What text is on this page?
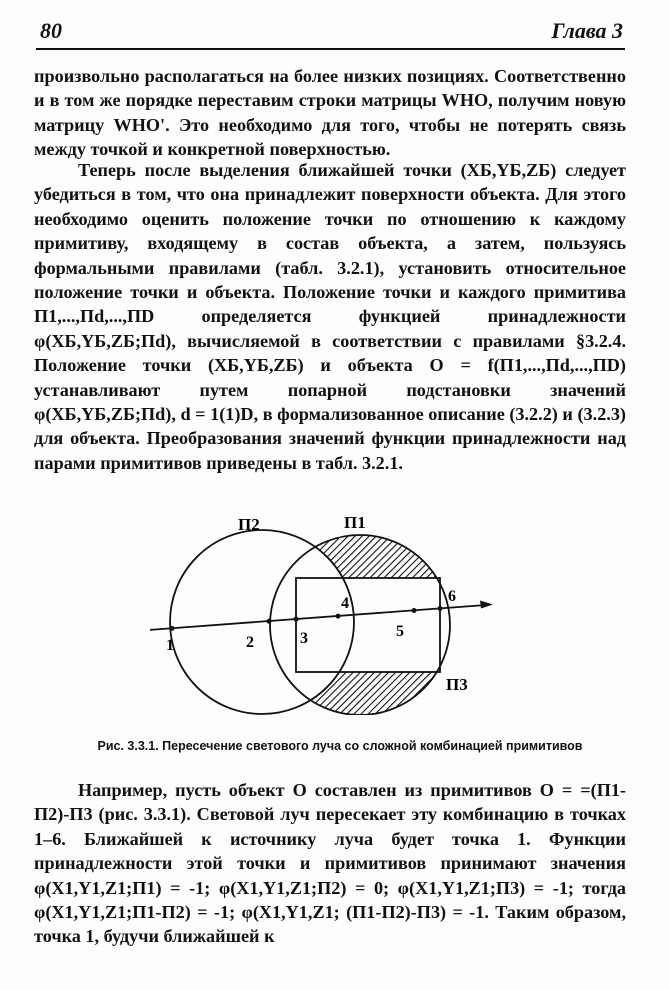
80	Глава 3

произвольно располагаться на более низких позициях. Соответственно и в том же порядке переставим строки матрицы WHO, получим новую матрицу WHO'. Это необходимо для того, чтобы не потерять связь между точкой и конкретной поверхностью.

Теперь после выделения ближайшей точки (XБ,YБ,ZБ) следует убедиться в том, что она принадлежит поверхности объекта. Для этого необходимо оценить положение точки по отношению к каждому примитиву, входящему в состав объекта, а затем, пользуясь формальными правилами (табл. 3.2.1), установить относительное положение точки и объекта. Положение точки и каждого примитива П1,...,Пd,...,ПD определяется функцией принадлежности φ(XБ,YБ,ZБ;Пd), вычисляемой в соответствии с правилами §3.2.4. Положение точки (XБ,YБ,ZБ) и объекта O = f(П1,...,Пd,...,ПD) устанавливают путем попарной подстановки значений φ(XБ,YБ,ZБ;Пd), d = 1(1)D, в формализованное описание (3.2.2) и (3.2.3) для объекта. Преобразования значений функции принадлежности над парами примитивов приведены в табл. 3.2.1.

П2	П1
П3
1	2	3
4
5
6
Рис. 3.3.1. Пересечение светового луча со сложной комбинацией примитивов

Например, пусть объект O составлен из примитивов O = =(П1-П2)-П3 (рис. 3.3.1). Световой луч пересекает эту комбинацию в точках 1–6. Ближайшей к источнику луча будет точка 1. Функции принадлежности этой точки и примитивов принимают значения φ(X1,Y1,Z1;П1) = -1; φ(X1,Y1,Z1;П2) = 0; φ(X1,Y1,Z1;П3) = -1; тогда φ(X1,Y1,Z1;П1-П2) = -1; φ(X1,Y1,Z1; (П1-П2)-П3) = -1. Таким образом, точка 1, будучи ближайшей к
